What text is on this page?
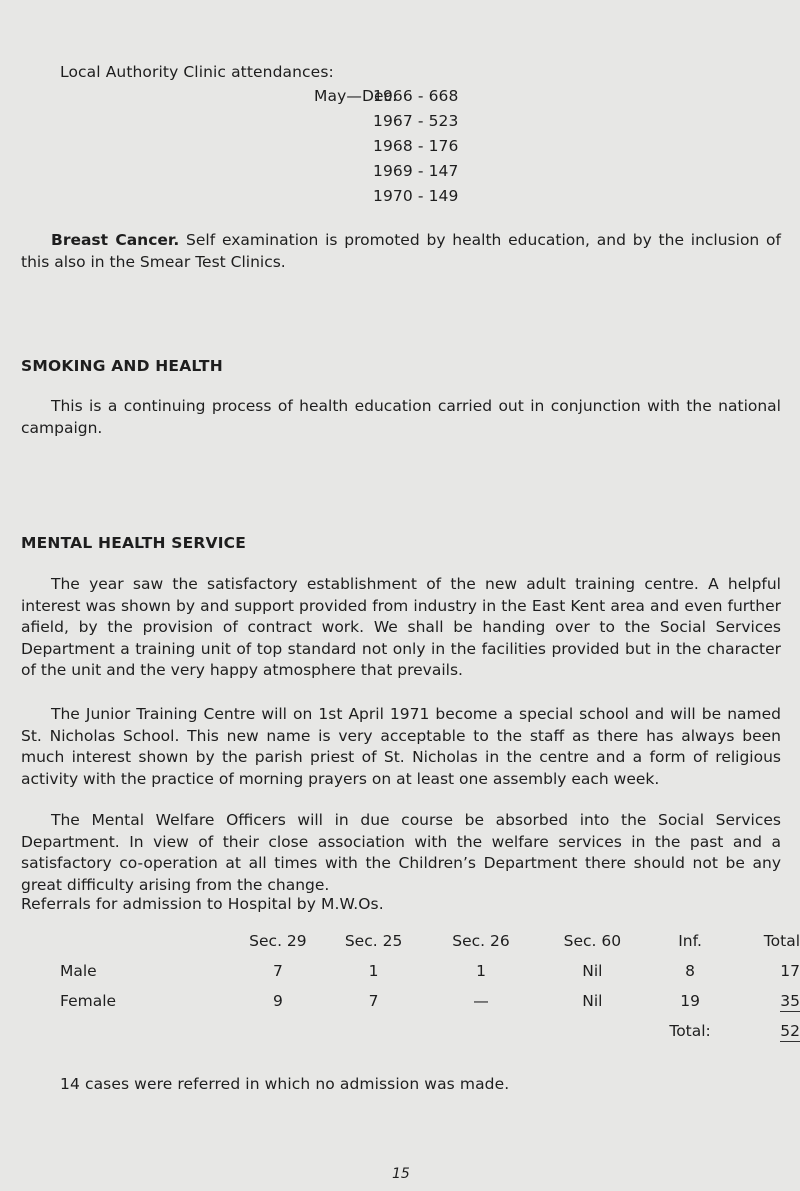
Local Authority Clinic attendances:
May—Dec.
1966 - 668
1967 - 523
1968 - 176
1969 - 147
1970 - 149
Breast Cancer. Self examination is promoted by health education, and by the inclusion of this also in the Smear Test Clinics.
SMOKING AND HEALTH
This is a continuing process of health education carried out in conjunction with the national campaign.
MENTAL HEALTH SERVICE
The year saw the satisfactory establishment of the new adult training centre. A helpful interest was shown by and support provided from industry in the East Kent area and even further afield, by the provision of contract work. We shall be handing over to the Social Services Department a training unit of top standard not only in the facilities provided but in the character of the unit and the very happy atmosphere that prevails.
The Junior Training Centre will on 1st April 1971 become a special school and will be named St. Nicholas School. This new name is very acceptable to the staff as there has always been much interest shown by the parish priest of St. Nicholas in the centre and a form of religious activity with the practice of morning prayers on at least one assembly each week.
The Mental Welfare Officers will in due course be absorbed into the Social Services Department. In view of their close association with the welfare services in the past and a satisfactory co-operation at all times with the Children’s Department there should not be any great difficulty arising from the change.
Referrals for admission to Hospital by M.W.Os.
	Sec. 29	Sec. 25	Sec. 26	Sec. 60	Inf.	Total
Male	7	1	1	Nil	8	17
Female	9	7	—	Nil	19	35
					Total:	52
14 cases were referred in which no admission was made.
15
